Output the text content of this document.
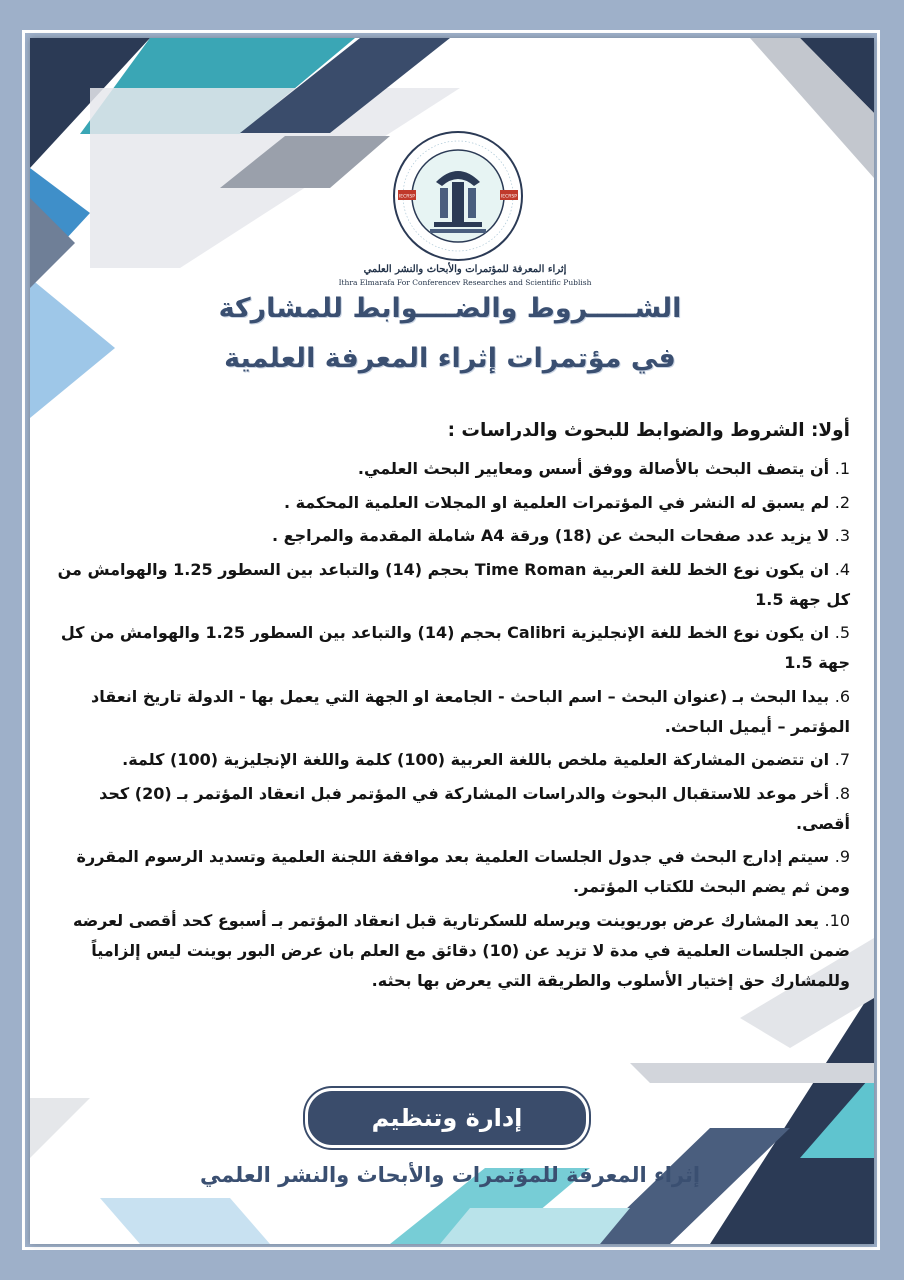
IECRSP	IECRSP
إثراء المعرفة للمؤتمرات والأبحاث والنشر العلمي
Ithra Elmarafa For Conferencev Researches and Scientific Publish
الشـــــروط والضــــوابط للمشاركة
في مؤتمرات إثراء المعرفة العلمية
أولا: الشروط والضوابط للبحوث والدراسات :
1. أن يتصف البحث بالأصالة ووفق أسس ومعايير البحث العلمي.
2. لم يسبق له النشر في المؤتمرات العلمية او المجلات العلمية المحكمة .
3. لا يزيد عدد صفحات البحث عن (18) ورقة A4 شاملة المقدمة والمراجع .
4. ان يكون نوع الخط للغة العربية Time Roman بحجم (14) والتباعد بين السطور 1.25 والهوامش من كل جهة 1.5
5. ان يكون نوع الخط للغة الإنجليزية Calibri بحجم (14) والتباعد بين السطور 1.25 والهوامش من كل جهة 1.5
6. بيدا البحث بـ (عنوان البحث – اسم الباحث - الجامعة او الجهة التي يعمل بها - الدولة تاريخ انعقاد المؤتمر – أيميل الباحث.
7. ان تتضمن المشاركة العلمية ملخص باللغة العربية (100) كلمة واللغة الإنجليزية (100) كلمة.
8. أخر موعد للاستقبال البحوث والدراسات المشاركة في المؤتمر فبل انعقاد المؤتمر بـ (20) كحد أقصى.
9. سيتم إدارج البحث في جدول الجلسات العلمية بعد موافقة اللجنة العلمية وتسديد الرسوم المقررة ومن ثم يضم البحث للكتاب المؤتمر.
10. يعد المشارك عرض بوريوينت ويرسله للسكرتارية قبل انعقاد المؤتمر بـ أسبوع كحد أقصى لعرضه ضمن الجلسات العلمية في مدة لا تزيد عن (10) دقائق مع العلم بان عرض البور بوينت ليس إلزامياً وللمشارك حق إختيار الأسلوب والطريقة التي يعرض بها بحثه.
إدارة وتنظيم
إثراء المعرفة للمؤتمرات والأبحاث والنشر العلمي
